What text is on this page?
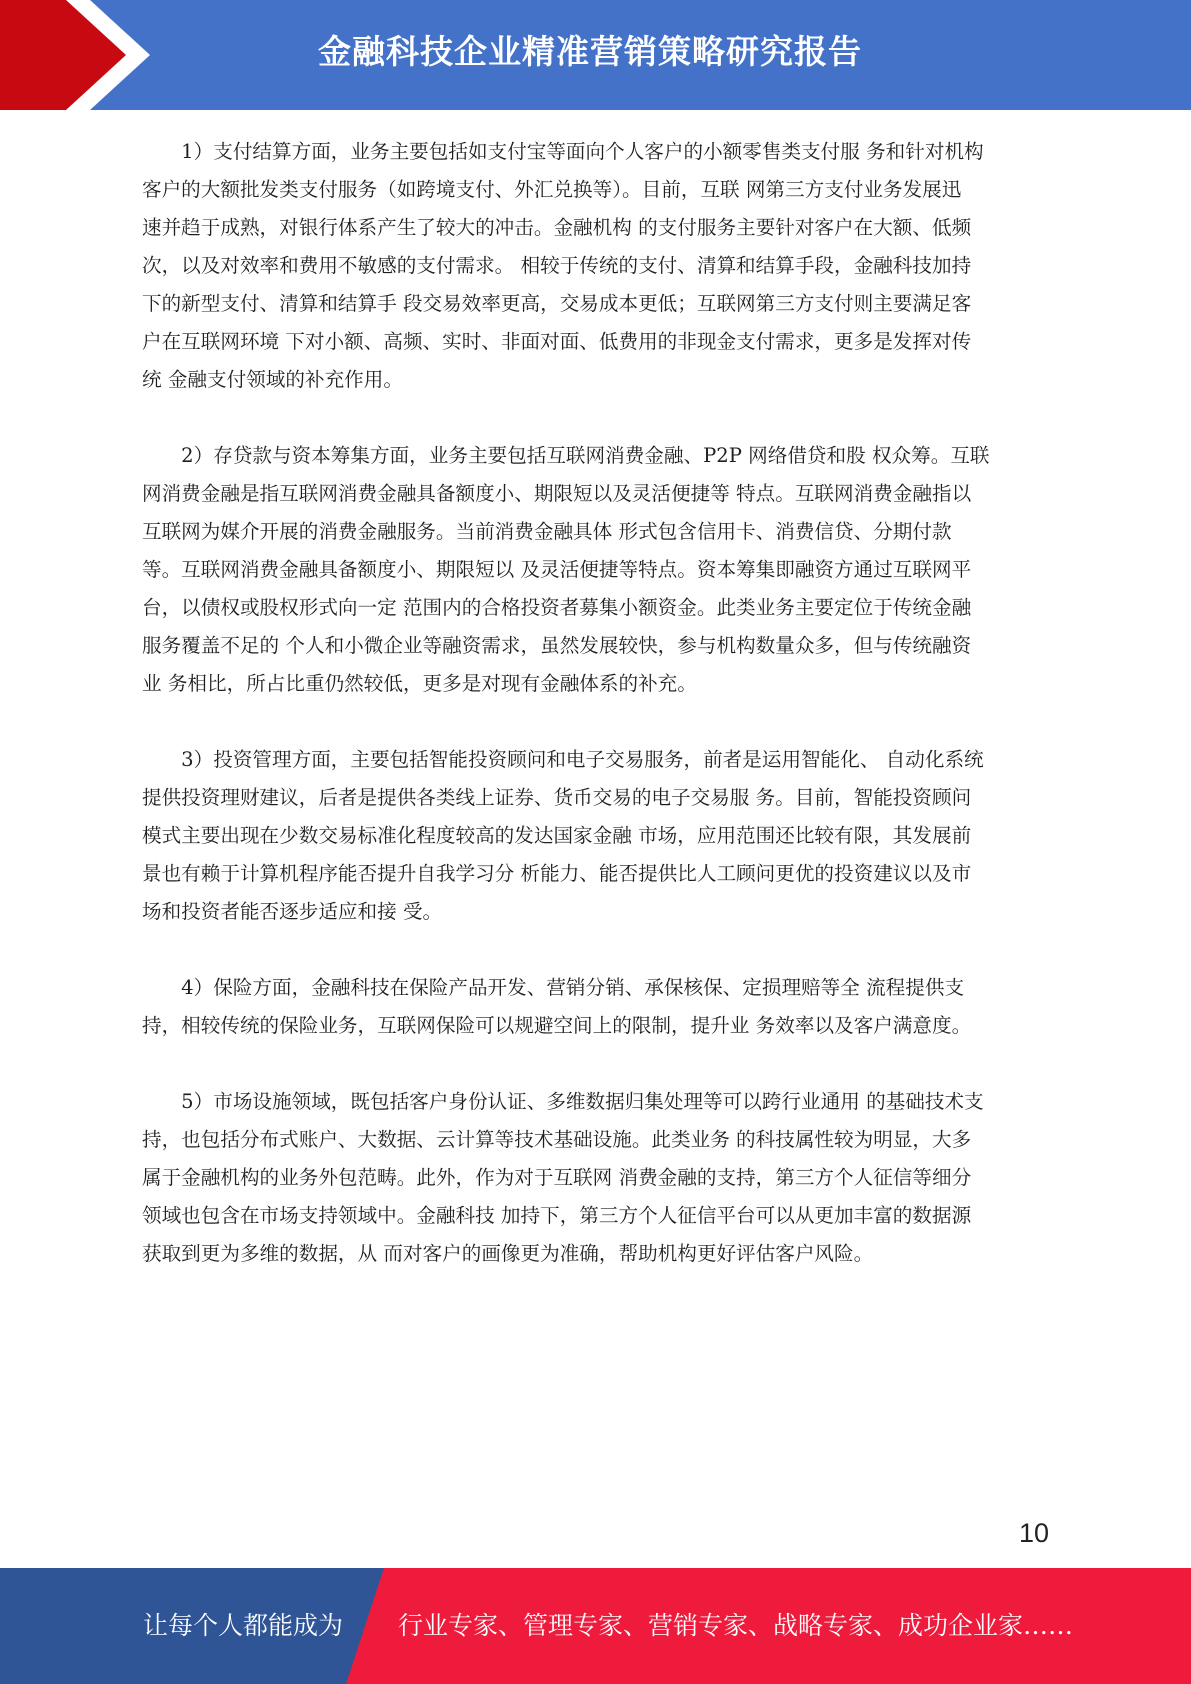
金融科技企业精准营销策略研究报告

　　1）支付结算方面，业务主要包括如支付宝等面向个人客户的小额零售类支付服 务和针对机构
客户的大额批发类支付服务（如跨境支付、外汇兑换等）。目前，互联 网第三方支付业务发展迅
速并趋于成熟，对银行体系产生了较大的冲击。金融机构 的支付服务主要针对客户在大额、低频
次，以及对效率和费用不敏感的支付需求。 相较于传统的支付、清算和结算手段，金融科技加持
下的新型支付、清算和结算手 段交易效率更高，交易成本更低；互联网第三方支付则主要满足客
户在互联网环境 下对小额、高频、实时、非面对面、低费用的非现金支付需求，更多是发挥对传
统 金融支付领域的补充作用。

　　2）存贷款与资本筹集方面，业务主要包括互联网消费金融、P2P 网络借贷和股 权众筹。互联
网消费金融是指互联网消费金融具备额度小、期限短以及灵活便捷等 特点。互联网消费金融指以
互联网为媒介开展的消费金融服务。当前消费金融具体 形式包含信用卡、消费信贷、分期付款
等。互联网消费金融具备额度小、期限短以 及灵活便捷等特点。资本筹集即融资方通过互联网平
台，以债权或股权形式向一定 范围内的合格投资者募集小额资金。此类业务主要定位于传统金融
服务覆盖不足的 个人和小微企业等融资需求，虽然发展较快，参与机构数量众多，但与传统融资
业 务相比，所占比重仍然较低，更多是对现有金融体系的补充。

　　3）投资管理方面，主要包括智能投资顾问和电子交易服务，前者是运用智能化、 自动化系统
提供投资理财建议，后者是提供各类线上证券、货币交易的电子交易服 务。目前，智能投资顾问
模式主要出现在少数交易标准化程度较高的发达国家金融 市场，应用范围还比较有限，其发展前
景也有赖于计算机程序能否提升自我学习分 析能力、能否提供比人工顾问更优的投资建议以及市
场和投资者能否逐步适应和接 受。

　　4）保险方面，金融科技在保险产品开发、营销分销、承保核保、定损理赔等全 流程提供支
持，相较传统的保险业务，互联网保险可以规避空间上的限制，提升业 务效率以及客户满意度。

　　5）市场设施领域，既包括客户身份认证、多维数据归集处理等可以跨行业通用 的基础技术支
持，也包括分布式账户、大数据、云计算等技术基础设施。此类业务 的科技属性较为明显，大多
属于金融机构的业务外包范畴。此外，作为对于互联网 消费金融的支持，第三方个人征信等细分
领域也包含在市场支持领域中。金融科技 加持下，第三方个人征信平台可以从更加丰富的数据源
获取到更为多维的数据，从 而对客户的画像更为准确，帮助机构更好评估客户风险。

10
让每个人都能成为 行业专家、管理专家、营销专家、战略专家、成功企业家……
